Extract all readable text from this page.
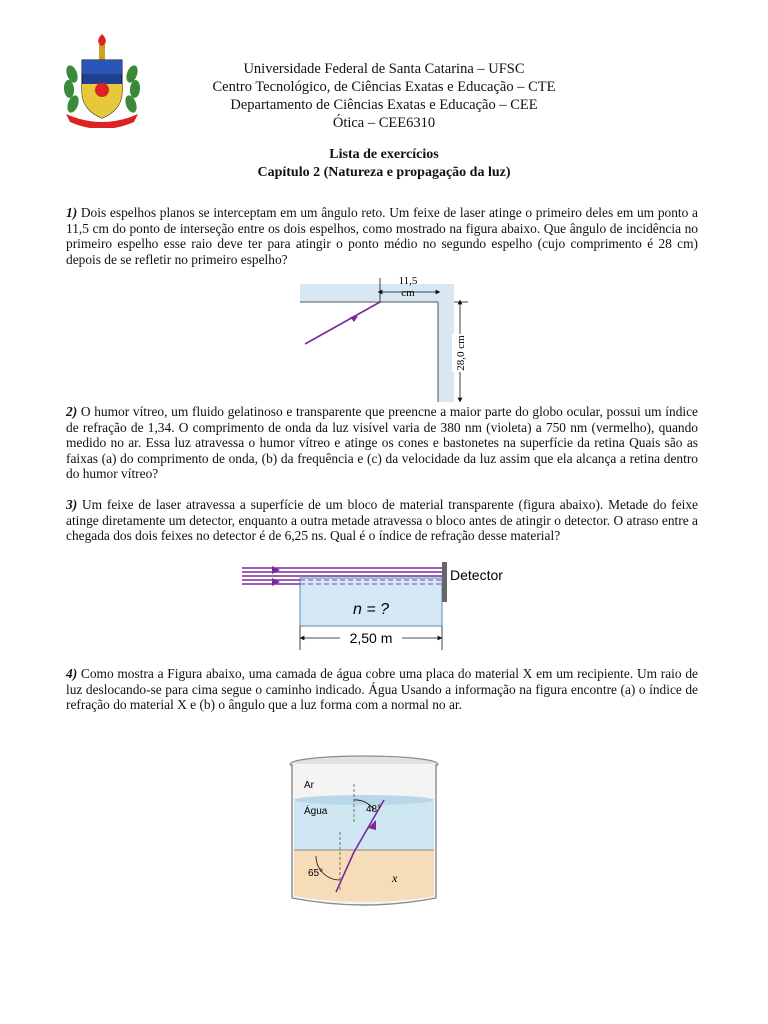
Universidade Federal de Santa Catarina – UFSC
Centro Tecnológico, de Ciências Exatas e Educação – CTE
Departamento de Ciências Exatas e Educação – CEE
Ótica – CEE6310
Lista de exercícios
Capítulo 2 (Natureza e propagação da luz)
1) Dois espelhos planos se interceptam em um ângulo reto. Um feixe de laser atinge o primeiro deles em um ponto a 11,5 cm do ponto de interseção entre os dois espelhos, como mostrado na figura abaixo. Que ângulo de incidência no primeiro espelho esse raio deve ter para atingir o ponto médio no segundo espelho (cujo comprimento é 28 cm) depois de se refletir no primeiro espelho?
11,5
cm
28,0 cm
2) O humor vítreo, um fluido gelatinoso e transparente que preencne a maior parte do globo ocular, possui um índice de refração de 1,34. O comprimento de onda da luz visível varia de 380 nm (violeta) a 750 nm (vermelho), quando medido no ar. Essa luz atravessa o humor vítreo e atinge os cones e bastonetes na superfície da retina Quais são as faixas (a) do comprimento de onda, (b) da frequência e (c) da velocidade da luz assim que ela alcança a retina dentro do humor vítreo?
3) Um feixe de laser atravessa a superfície de um bloco de material transparente (figura abaixo). Metade do feixe atinge diretamente um detector, enquanto a outra metade atravessa o bloco antes de atingir o detector. O atraso entre a chegada dos dois feixes no detector é de 6,25 ns. Qual é o índice de refração desse material?
Detector
n = ?
2,50 m
4) Como mostra a Figura abaixo, uma camada de água cobre uma placa do material X em um recipiente. Um raio de luz deslocando-se para cima segue o caminho indicado. Água Usando a informação na figura encontre (a) o índice de refração do material X e (b) o ângulo que a luz forma com a normal no ar.
Ar
Água	48°
65°	x
